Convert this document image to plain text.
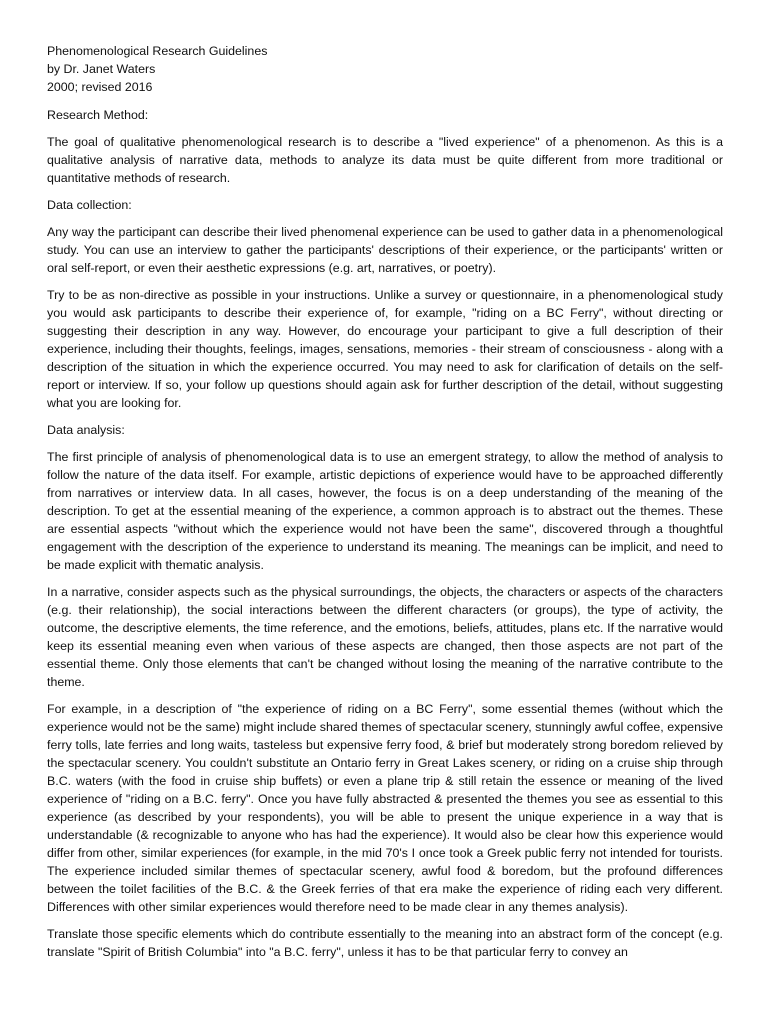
Phenomenological Research Guidelines

by Dr. Janet Waters

2000; revised 2016

Research Method:

The goal of qualitative phenomenological research is to describe a "lived experience" of a phenomenon. As this is a qualitative analysis of narrative data, methods to analyze its data must be quite different from more traditional or quantitative methods of research.

Data collection:

Any way the participant can describe their lived phenomenal experience can be used to gather data in a phenomenological study. You can use an interview to gather the participants' descriptions of their experience, or the participants' written or oral self-report, or even their aesthetic expressions (e.g. art, narratives, or poetry).

Try to be as non-directive as possible in your instructions. Unlike a survey or questionnaire, in a phenomenological study you would ask participants to describe their experience of, for example, "riding on a BC Ferry", without directing or suggesting their description in any way. However, do encourage your participant to give a full description of their experience, including their thoughts, feelings, images, sensations, memories - their stream of consciousness - along with a description of the situation in which the experience occurred. You may need to ask for clarification of details on the self-report or interview. If so, your follow up questions should again ask for further description of the detail, without suggesting what you are looking for.

Data analysis:

The first principle of analysis of phenomenological data is to use an emergent strategy, to allow the method of analysis to follow the nature of the data itself. For example, artistic depictions of experience would have to be approached differently from narratives or interview data. In all cases, however, the focus is on a deep understanding of the meaning of the description. To get at the essential meaning of the experience, a common approach is to abstract out the themes. These are essential aspects "without which the experience would not have been the same", discovered through a thoughtful engagement with the description of the experience to understand its meaning. The meanings can be implicit, and need to be made explicit with thematic analysis.

In a narrative, consider aspects such as the physical surroundings, the objects, the characters or aspects of the characters (e.g. their relationship), the social interactions between the different characters (or groups), the type of activity, the outcome, the descriptive elements, the time reference, and the emotions, beliefs, attitudes, plans etc. If the narrative would keep its essential meaning even when various of these aspects are changed, then those aspects are not part of the essential theme. Only those elements that can't be changed without losing the meaning of the narrative contribute to the theme.

For example, in a description of "the experience of riding on a BC Ferry", some essential themes (without which the experience would not be the same) might include shared themes of spectacular scenery, stunningly awful coffee, expensive ferry tolls, late ferries and long waits, tasteless but expensive ferry food, & brief but moderately strong boredom relieved by the spectacular scenery. You couldn't substitute an Ontario ferry in Great Lakes scenery, or riding on a cruise ship through B.C. waters (with the food in cruise ship buffets) or even a plane trip & still retain the essence or meaning of the lived experience of "riding on a B.C. ferry". Once you have fully abstracted & presented the themes you see as essential to this experience (as described by your respondents), you will be able to present the unique experience in a way that is understandable (& recognizable to anyone who has had the experience). It would also be clear how this experience would differ from other, similar experiences (for example, in the mid 70's I once took a Greek public ferry not intended for tourists. The experience included similar themes of spectacular scenery, awful food & boredom, but the profound differences between the toilet facilities of the B.C. & the Greek ferries of that era make the experience of riding each very different. Differences with other similar experiences would therefore need to be made clear in any themes analysis).

Translate those specific elements which do contribute essentially to the meaning into an abstract form of the concept (e.g. translate "Spirit of British Columbia" into "a B.C. ferry", unless it has to be that particular ferry to convey an
